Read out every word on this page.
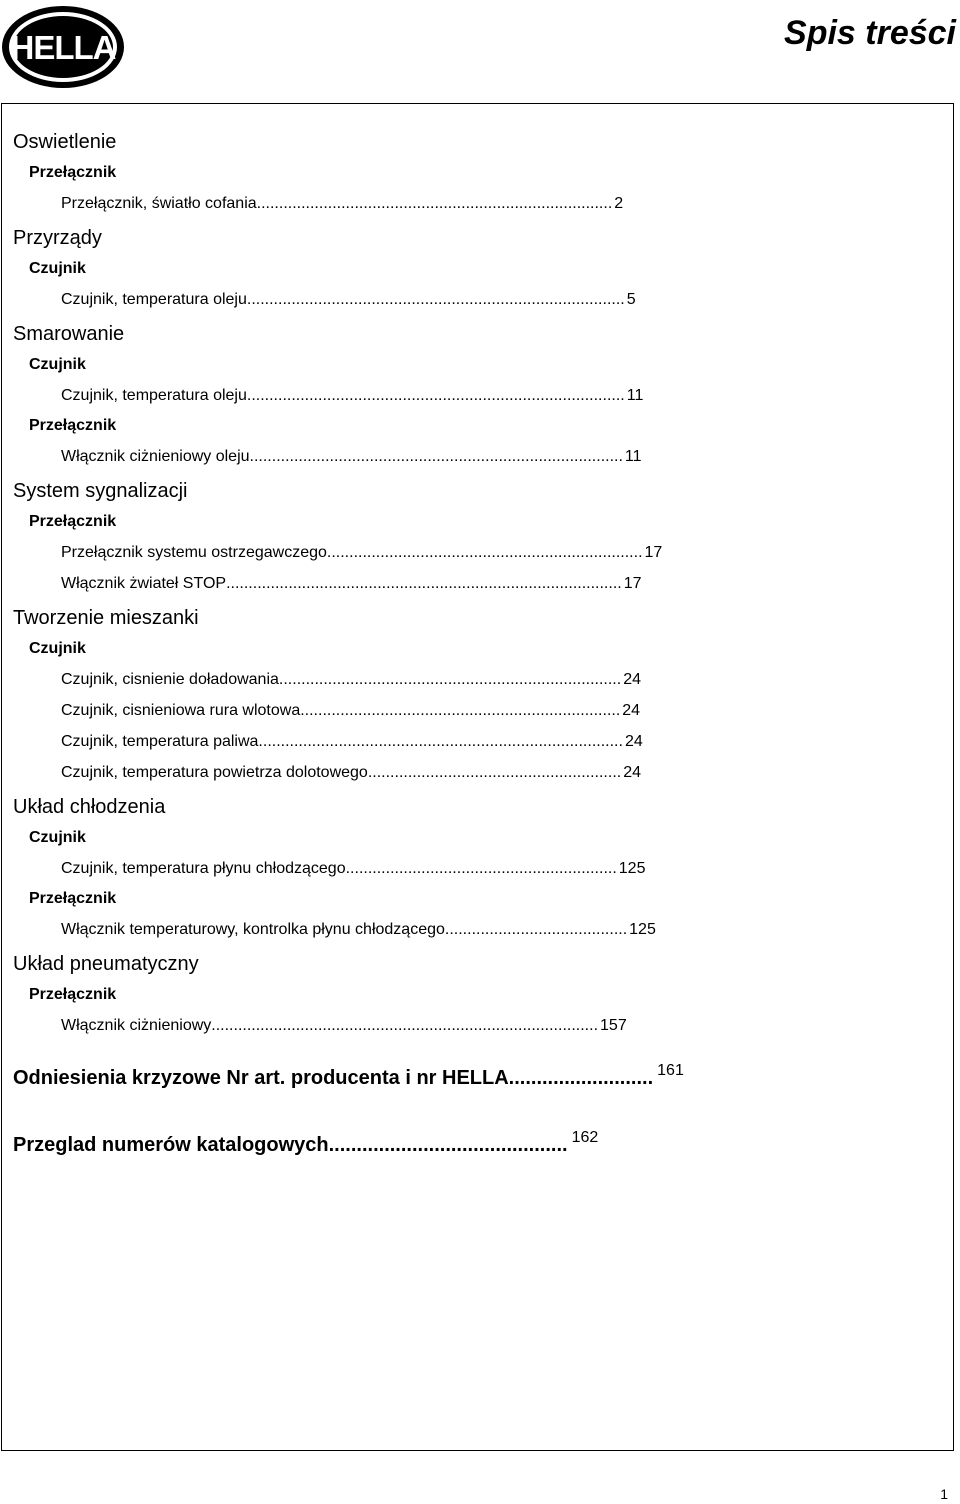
HELLA	Spis treści
Oswietlenie
Przełącznik
Przełącznik, światło cofania ................................................................................ 2
Przyrządy
Czujnik
Czujnik, temperatura oleju ..................................................................................... 5
Smarowanie
Czujnik
Czujnik, temperatura oleju ..................................................................................... 11
Przełącznik
Włącznik ciżnieniowy oleju .................................................................................... 11
System sygnalizacji
Przełącznik
Przełącznik systemu ostrzegawczego ....................................................................... 17
Włącznik żwiateł STOP ......................................................................................... 17
Tworzenie mieszanki
Czujnik
Czujnik, cisnienie doładowania ............................................................................. 24
Czujnik, cisnieniowa rura wlotowa ........................................................................ 24
Czujnik, temperatura paliwa .................................................................................. 24
Czujnik, temperatura powietrza dolotowego ......................................................... 24
Układ chłodzenia
Czujnik
Czujnik, temperatura płynu chłodzącego ............................................................. 125
Przełącznik
Włącznik temperaturowy, kontrolka płynu chłodzącego ......................................... 125
Układ pneumatyczny
Przełącznik
Włącznik ciżnieniowy ....................................................................................... 157
Odniesienia krzyzowe Nr art. producenta i nr HELLA .......................... 161
Przeglad numerów katalogowych ........................................... 162
1
